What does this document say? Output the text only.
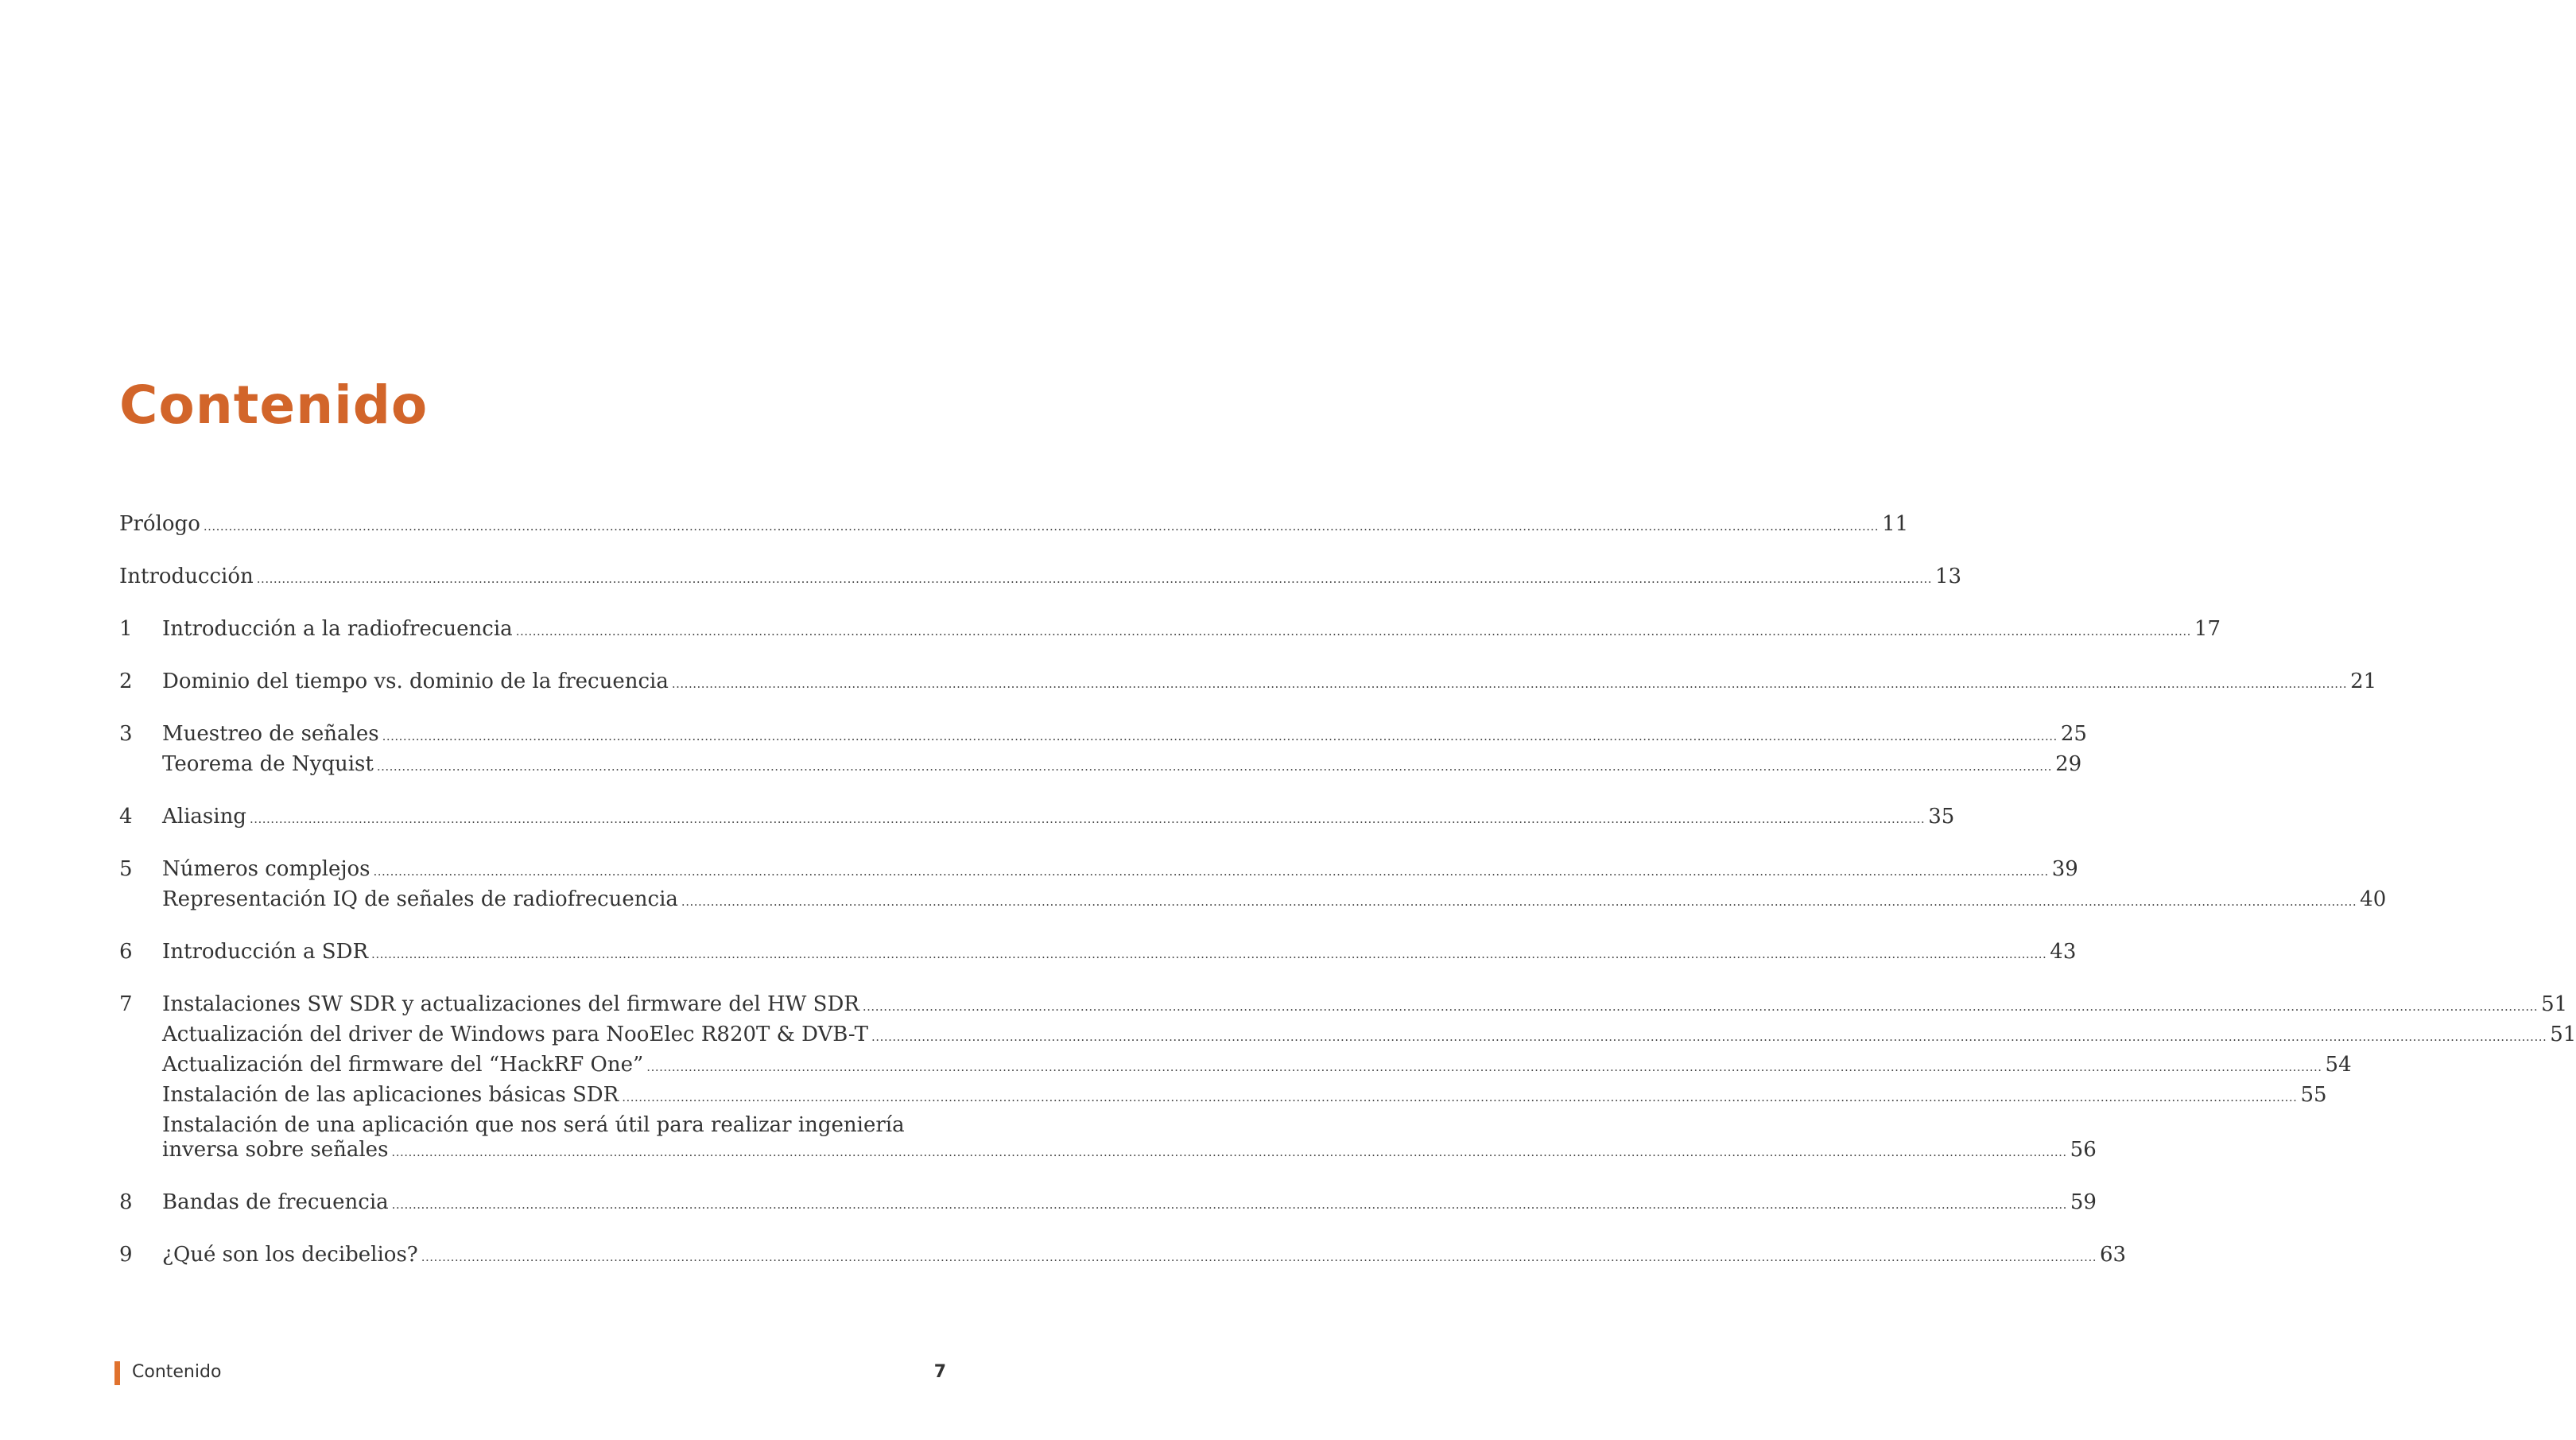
Contenido
Prólogo ................................................................................................................................................................................................................................................................................................................................................................................................................ 11
Introducción ................................................................................................................................................................................................................................................................................................................................................................................................................ 13
1	Introducción a la radiofrecuencia ................................................................................................................................................................................................................................................................................................................................................................................................................ 17
2	Dominio del tiempo vs. dominio de la frecuencia ................................................................................................................................................................................................................................................................................................................................................................................................................ 21
3	Muestreo de señales ................................................................................................................................................................................................................................................................................................................................................................................................................ 25
Teorema de Nyquist ................................................................................................................................................................................................................................................................................................................................................................................................................ 29
4	Aliasing ................................................................................................................................................................................................................................................................................................................................................................................................................ 35
5	Números complejos ................................................................................................................................................................................................................................................................................................................................................................................................................ 39
Representación IQ de señales de radiofrecuencia ................................................................................................................................................................................................................................................................................................................................................................................................................ 40
6	Introducción a SDR ................................................................................................................................................................................................................................................................................................................................................................................................................ 43
7	Instalaciones SW SDR y actualizaciones del firmware del HW SDR ................................................................................................................................................................................................................................................................................................................................................................................................................ 51
Actualización del driver de Windows para NooElec R820T & DVB-T ................................................................................................................................................................................................................................................................................................................................................................................................................ 51
Actualización del firmware del “HackRF One” ................................................................................................................................................................................................................................................................................................................................................................................................................ 54
Instalación de las aplicaciones básicas SDR ................................................................................................................................................................................................................................................................................................................................................................................................................ 55
Instalación de una aplicación que nos será útil para realizar ingeniería
inversa sobre señales ................................................................................................................................................................................................................................................................................................................................................................................................................ 56
8	Bandas de frecuencia ................................................................................................................................................................................................................................................................................................................................................................................................................ 59
9	¿Qué son los decibelios? ................................................................................................................................................................................................................................................................................................................................................................................................................ 63
Contenido	7
